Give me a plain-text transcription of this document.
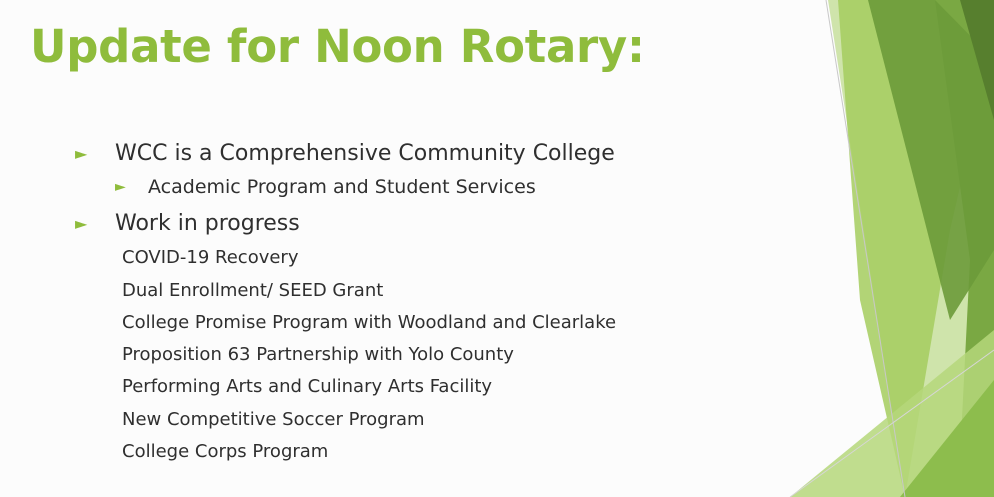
Update for Noon Rotary:
►	WCC is a Comprehensive Community College
►	Academic Program and Student Services
►	Work in progress
COVID-19 Recovery
Dual Enrollment/ SEED Grant
College Promise Program with Woodland and Clearlake
Proposition 63 Partnership with Yolo County
Performing Arts and Culinary Arts Facility
New Competitive Soccer Program
College Corps Program
